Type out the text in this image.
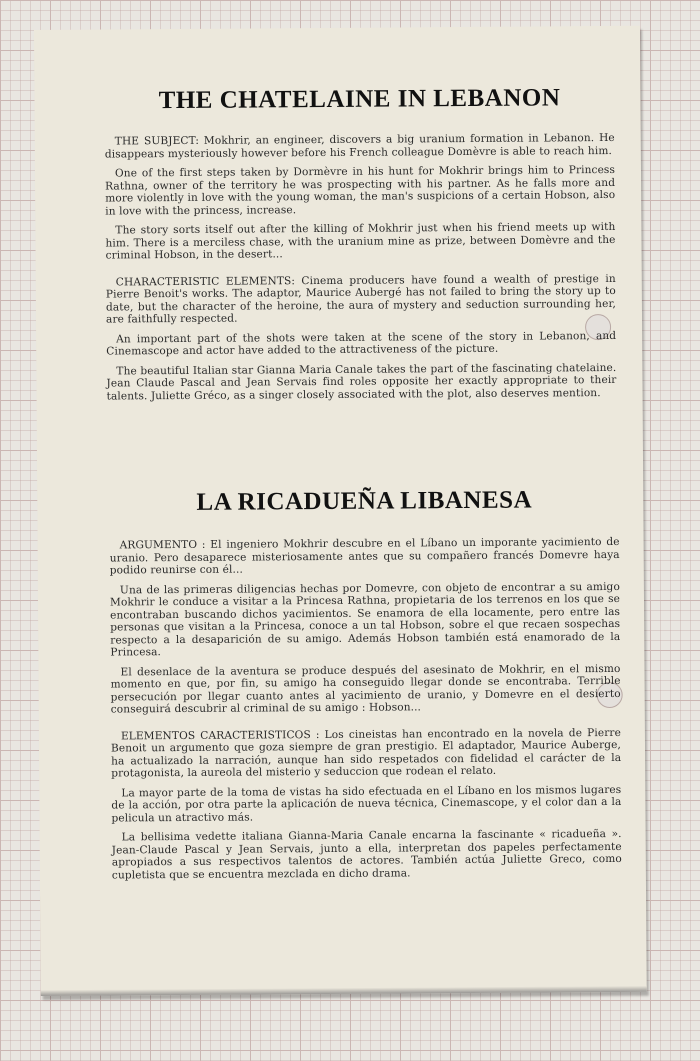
THE CHATELAINE IN LEBANON

THE SUBJECT: Mokhrir, an engineer, discovers a big uranium formation in Lebanon. He disappears mysteriously however before his French colleague Domèvre is able to reach him.

One of the first steps taken by Dormèvre in his hunt for Mokhrir brings him to Princess Rathna, owner of the territory he was prospecting with his partner. As he falls more and more violently in love with the young woman, the man's suspicions of a certain Hobson, also in love with the princess, increase.

The story sorts itself out after the killing of Mokhrir just when his friend meets up with him. There is a merciless chase, with the uranium mine as prize, between Domèvre and the criminal Hobson, in the desert...

CHARACTERISTIC ELEMENTS: Cinema producers have found a wealth of prestige in Pierre Benoit's works. The adaptor, Maurice Aubergé has not failed to bring the story up to date, but the character of the heroine, the aura of mystery and seduction surrounding her, are faithfully respected.

An important part of the shots were taken at the scene of the story in Lebanon, and Cinemascope and actor have added to the attractiveness of the picture.

The beautiful Italian star Gianna Maria Canale takes the part of the fascinating chatelaine. Jean Claude Pascal and Jean Servais find roles opposite her exactly appropriate to their talents. Juliette Gréco, as a singer closely associated with the plot, also deserves mention.

LA RICADUEÑA LIBANESA

ARGUMENTO : El ingeniero Mokhrir descubre en el Líbano un imporante yacimiento de uranio. Pero desaparece misteriosamente antes que su compañero francés Domevre haya podido reunirse con él...

Una de las primeras diligencias hechas por Domevre, con objeto de encontrar a su amigo Mokhrir le conduce a visitar a la Princesa Rathna, propietaria de los terrenos en los que se encontraban buscando dichos yacimientos. Se enamora de ella locamente, pero entre las personas que visitan a la Princesa, conoce a un tal Hobson, sobre el que recaen sospechas respecto a la desaparición de su amigo. Además Hobson también está enamorado de la Princesa.

El desenlace de la aventura se produce después del asesinato de Mokhrir, en el mismo momento en que, por fin, su amigo ha conseguido llegar donde se encontraba. Terrible persecución por llegar cuanto antes al yacimiento de uranio, y Domevre en el desierto conseguirá descubrir al criminal de su amigo : Hobson...

ELEMENTOS CARACTERISTICOS : Los cineistas han encontrado en la novela de Pierre Benoit un argumento que goza siempre de gran prestigio. El adaptador, Maurice Auberge, ha actualizado la narración, aunque han sido respetados con fidelidad el carácter de la protagonista, la aureola del misterio y seduccion que rodean el relato.

La mayor parte de la toma de vistas ha sido efectuada en el Líbano en los mismos lugares de la acción, por otra parte la aplicación de nueva técnica, Cinemascope, y el color dan a la pelicula un atractivo más.

La bellisima vedette italiana Gianna-Maria Canale encarna la fascinante « ricadueña ». Jean-Claude Pascal y Jean Servais, junto a ella, interpretan dos papeles perfectamente apropiados a sus respectivos talentos de actores. También actúa Juliette Greco, como cupletista que se encuentra mezclada en dicho drama.
